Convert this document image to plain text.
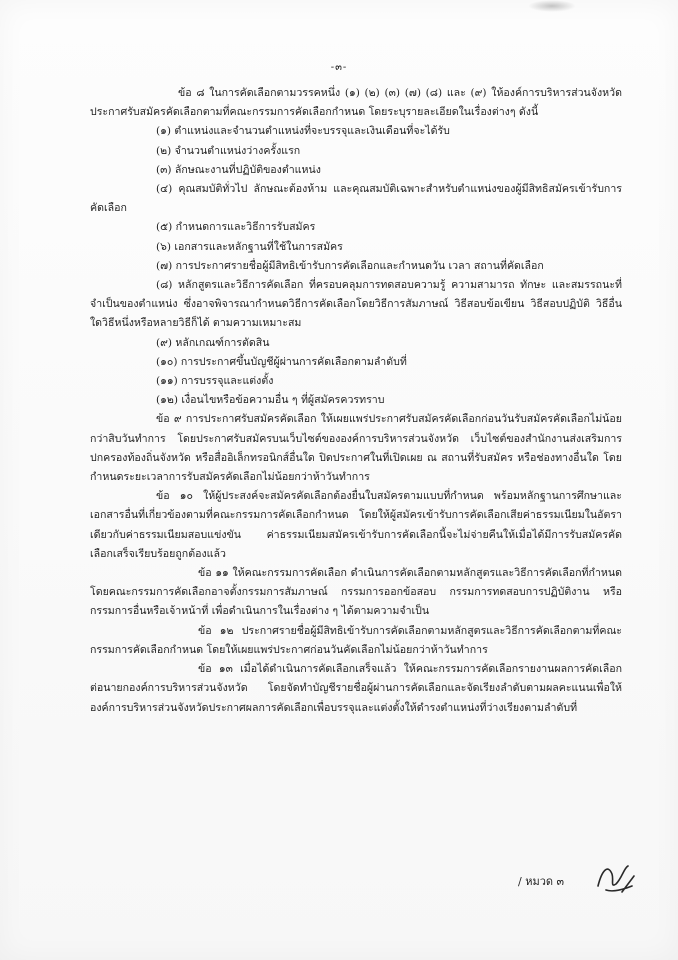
-๓-

ข้อ ๘ ในการคัดเลือกตามวรรคหนึ่ง (๑) (๒) (๓) (๗) (๘) และ (๙) ให้องค์การบริหารส่วนจังหวัดประกาศรับสมัครคัดเลือกตามที่คณะกรรมการคัดเลือกกำหนด โดยระบุรายละเอียดในเรื่องต่างๆ ดังนี้

(๑) ตำแหน่งและจำนวนตำแหน่งที่จะบรรจุและเงินเดือนที่จะได้รับ

(๒) จำนวนตำแหน่งว่างครั้งแรก

(๓) ลักษณะงานที่ปฏิบัติของตำแหน่ง

(๔) คุณสมบัติทั่วไป ลักษณะต้องห้าม และคุณสมบัติเฉพาะสำหรับตำแหน่งของผู้มีสิทธิสมัครเข้ารับการคัดเลือก

(๕) กำหนดการและวิธีการรับสมัคร

(๖) เอกสารและหลักฐานที่ใช้ในการสมัคร

(๗) การประกาศรายชื่อผู้มีสิทธิเข้ารับการคัดเลือกและกำหนดวัน เวลา สถานที่คัดเลือก

(๘) หลักสูตรและวิธีการคัดเลือก ที่ครอบคลุมการทดสอบความรู้ ความสามารถ ทักษะ และสมรรถนะที่จำเป็นของตำแหน่ง ซึ่งอาจพิจารณากำหนดวิธีการคัดเลือกโดยวิธีการสัมภาษณ์ วิธีสอบข้อเขียน วิธีสอบปฏิบัติ วิธีอื่นใดวิธีหนึ่งหรือหลายวิธีก็ได้ ตามความเหมาะสม

(๙) หลักเกณฑ์การตัดสิน

(๑๐) การประกาศขึ้นบัญชีผู้ผ่านการคัดเลือกตามลำดับที่

(๑๑) การบรรจุและแต่งตั้ง

(๑๒) เงื่อนไขหรือข้อความอื่น ๆ ที่ผู้สมัครควรทราบ

ข้อ ๙ การประกาศรับสมัครคัดเลือก ให้เผยแพร่ประกาศรับสมัครคัดเลือกก่อนวันรับสมัครคัดเลือกไม่น้อยกว่าสิบวันทำการ โดยประกาศรับสมัครบนเว็บไซต์ขององค์การบริหารส่วนจังหวัด เว็บไซต์ของสำนักงานส่งเสริมการปกครองท้องถิ่นจังหวัด หรือสื่ออิเล็กทรอนิกส์อื่นใด ปิดประกาศในที่เปิดเผย ณ สถานที่รับสมัคร หรือช่องทางอื่นใด โดยกำหนดระยะเวลาการรับสมัครคัดเลือกไม่น้อยกว่าห้าวันทำการ

ข้อ ๑๐ ให้ผู้ประสงค์จะสมัครคัดเลือกต้องยื่นใบสมัครตามแบบที่กำหนด พร้อมหลักฐานการศึกษาและเอกสารอื่นที่เกี่ยวข้องตามที่คณะกรรมการคัดเลือกกำหนด โดยให้ผู้สมัครเข้ารับการคัดเลือกเสียค่าธรรมเนียมในอัตราเดียวกับค่าธรรมเนียมสอบแข่งขัน ค่าธรรมเนียมสมัครเข้ารับการคัดเลือกนี้จะไม่จ่ายคืนให้เมื่อได้มีการรับสมัครคัดเลือกเสร็จเรียบร้อยถูกต้องแล้ว

ข้อ ๑๑ ให้คณะกรรมการคัดเลือก ดำเนินการคัดเลือกตามหลักสูตรและวิธีการคัดเลือกที่กำหนด โดยคณะกรรมการคัดเลือกอาจตั้งกรรมการสัมภาษณ์ กรรมการออกข้อสอบ กรรมการทดสอบการปฏิบัติงาน หรือกรรมการอื่นหรือเจ้าหน้าที่ เพื่อดำเนินการในเรื่องต่าง ๆ ได้ตามความจำเป็น

ข้อ ๑๒ ประกาศรายชื่อผู้มีสิทธิเข้ารับการคัดเลือกตามหลักสูตรและวิธีการคัดเลือกตามที่คณะกรรมการคัดเลือกกำหนด โดยให้เผยแพร่ประกาศก่อนวันคัดเลือกไม่น้อยกว่าห้าวันทำการ

ข้อ ๑๓ เมื่อได้ดำเนินการคัดเลือกเสร็จแล้ว ให้คณะกรรมการคัดเลือกรายงานผลการคัดเลือกต่อนายกองค์การบริหารส่วนจังหวัด โดยจัดทำบัญชีรายชื่อผู้ผ่านการคัดเลือกและจัดเรียงลำดับตามผลคะแนนเพื่อให้องค์การบริหารส่วนจังหวัดประกาศผลการคัดเลือกเพื่อบรรจุและแต่งตั้งให้ดำรงตำแหน่งที่ว่างเรียงตามลำดับที่

/ หมวด ๓
